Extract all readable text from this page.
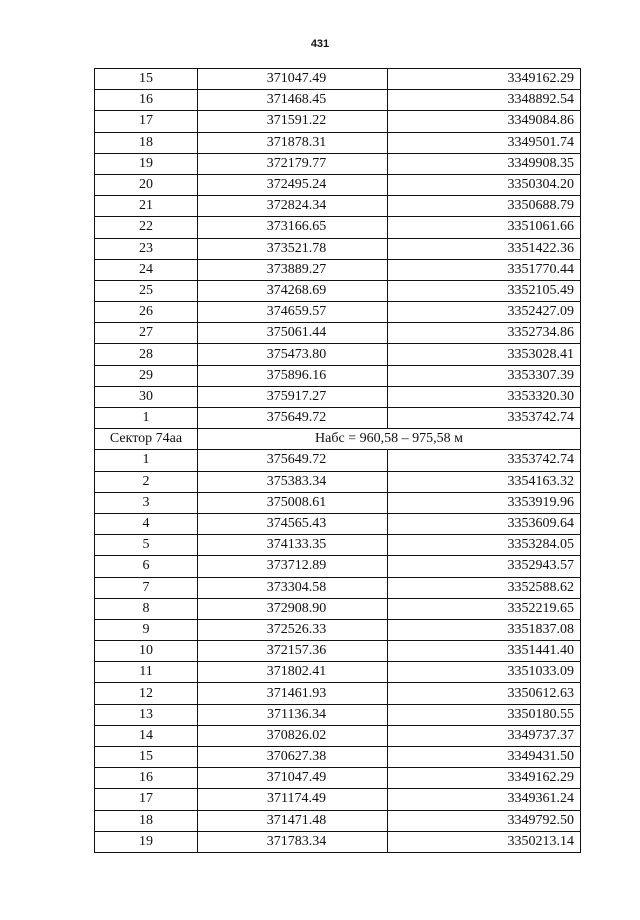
431
15	371047.49	3349162.29
16	371468.45	3348892.54
17	371591.22	3349084.86
18	371878.31	3349501.74
19	372179.77	3349908.35
20	372495.24	3350304.20
21	372824.34	3350688.79
22	373166.65	3351061.66
23	373521.78	3351422.36
24	373889.27	3351770.44
25	374268.69	3352105.49
26	374659.57	3352427.09
27	375061.44	3352734.86
28	375473.80	3353028.41
29	375896.16	3353307.39
30	375917.27	3353320.30
1	375649.72	3353742.74
Сектор 74аа	Набс = 960,58 – 975,58 м	
1	375649.72	3353742.74
2	375383.34	3354163.32
3	375008.61	3353919.96
4	374565.43	3353609.64
5	374133.35	3353284.05
6	373712.89	3352943.57
7	373304.58	3352588.62
8	372908.90	3352219.65
9	372526.33	3351837.08
10	372157.36	3351441.40
11	371802.41	3351033.09
12	371461.93	3350612.63
13	371136.34	3350180.55
14	370826.02	3349737.37
15	370627.38	3349431.50
16	371047.49	3349162.29
17	371174.49	3349361.24
18	371471.48	3349792.50
19	371783.34	3350213.14
